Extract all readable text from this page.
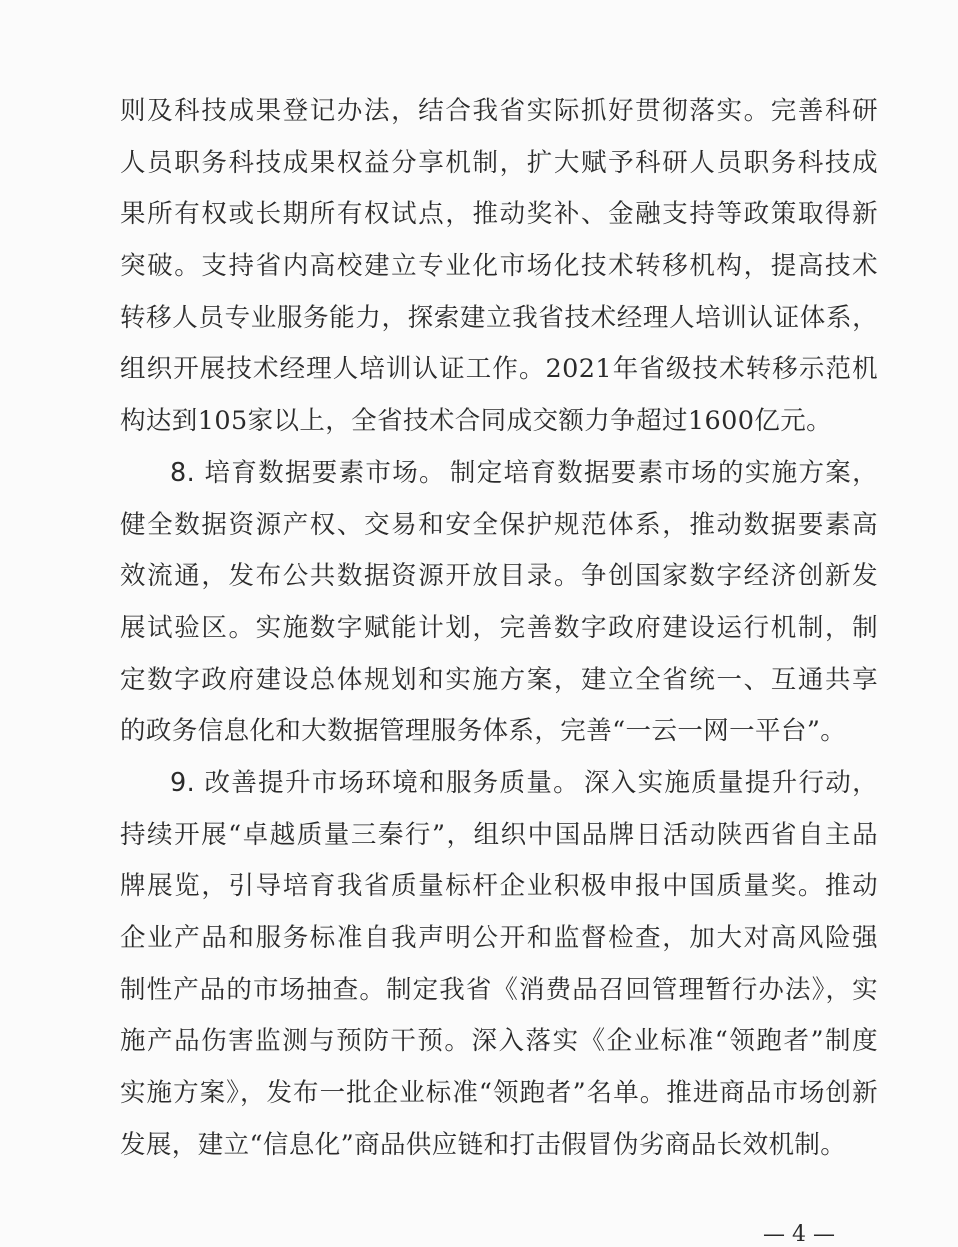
则及科技成果登记办法，结合我省实际抓好贯彻落实。完善科研
人员职务科技成果权益分享机制，扩大赋予科研人员职务科技成
果所有权或长期所有权试点，推动奖补、金融支持等政策取得新
突破。支持省内高校建立专业化市场化技术转移机构，提高技术
转移人员专业服务能力，探索建立我省技术经理人培训认证体系，
组织开展技术经理人培训认证工作。2021年省级技术转移示范机
构达到105家以上，全省技术合同成交额力争超过1600亿元。
8. 培育数据要素市场。 制定培育数据要素市场的实施方案，
健全数据资源产权、交易和安全保护规范体系，推动数据要素高
效流通，发布公共数据资源开放目录。争创国家数字经济创新发
展试验区。实施数字赋能计划，完善数字政府建设运行机制，制
定数字政府建设总体规划和实施方案，建立全省统一、互通共享
的政务信息化和大数据管理服务体系，完善“一云一网一平台”。
9. 改善提升市场环境和服务质量。 深入实施质量提升行动，
持续开展“卓越质量三秦行”，组织中国品牌日活动陕西省自主品
牌展览，引导培育我省质量标杆企业积极申报中国质量奖。推动
企业产品和服务标准自我声明公开和监督检查，加大对高风险强
制性产品的市场抽查。制定我省《消费品召回管理暂行办法》，实
施产品伤害监测与预防干预。深入落实《企业标准“领跑者”制度
实施方案》，发布一批企业标准“领跑者”名单。推进商品市场创新
发展，建立“信息化”商品供应链和打击假冒伪劣商品长效机制。
— 4 —
